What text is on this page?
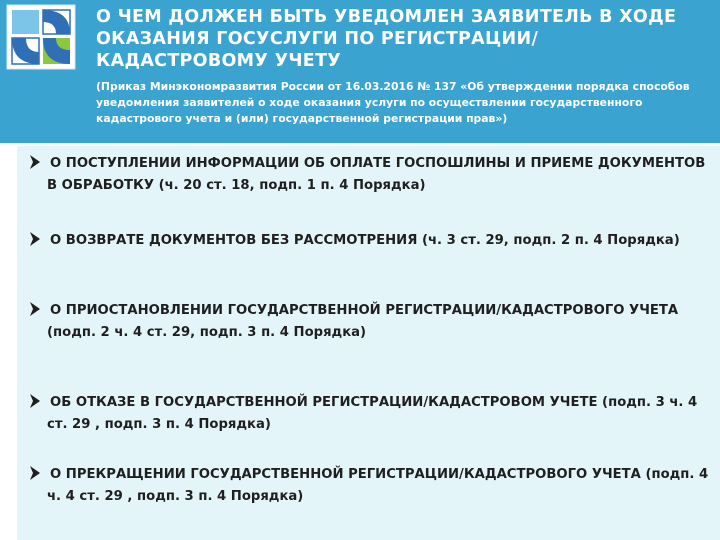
О ЧЕМ ДОЛЖЕН БЫТЬ УВЕДОМЛЕН ЗАЯВИТЕЛЬ В ХОДЕ ОКАЗАНИЯ ГОСУСЛУГИ ПО РЕГИСТРАЦИИ/КАДАСТРОВОМУ УЧЕТУ
(Приказ Минэкономразвития России от 16.03.2016 № 137 «Об утверждении порядка способов уведомления заявителей о ходе оказания услуги по осуществлении государственного кадастрового учета и (или) государственной регистрации прав»)
О ПОСТУПЛЕНИИ ИНФОРМАЦИИ ОБ ОПЛАТЕ ГОСПОШЛИНЫ И ПРИЕМЕ ДОКУМЕНТОВ В ОБРАБОТКУ (ч. 20 ст. 18, подп. 1 п. 4 Порядка)
О ВОЗВРАТЕ ДОКУМЕНТОВ БЕЗ РАССМОТРЕНИЯ (ч. 3 ст. 29, подп. 2 п. 4 Порядка)
О ПРИОСТАНОВЛЕНИИ ГОСУДАРСТВЕННОЙ РЕГИСТРАЦИИ/КАДАСТРОВОГО УЧЕТА (подп. 2 ч. 4 ст. 29, подп. 3 п. 4 Порядка)
ОБ ОТКАЗЕ В ГОСУДАРСТВЕННОЙ РЕГИСТРАЦИИ/КАДАСТРОВОМ УЧЕТЕ (подп. 3 ч. 4 ст. 29 , подп. 3 п. 4 Порядка)
О ПРЕКРАЩЕНИИ ГОСУДАРСТВЕННОЙ РЕГИСТРАЦИИ/КАДАСТРОВОГО УЧЕТА (подп. 4 ч. 4 ст. 29 , подп. 3 п. 4 Порядка)
